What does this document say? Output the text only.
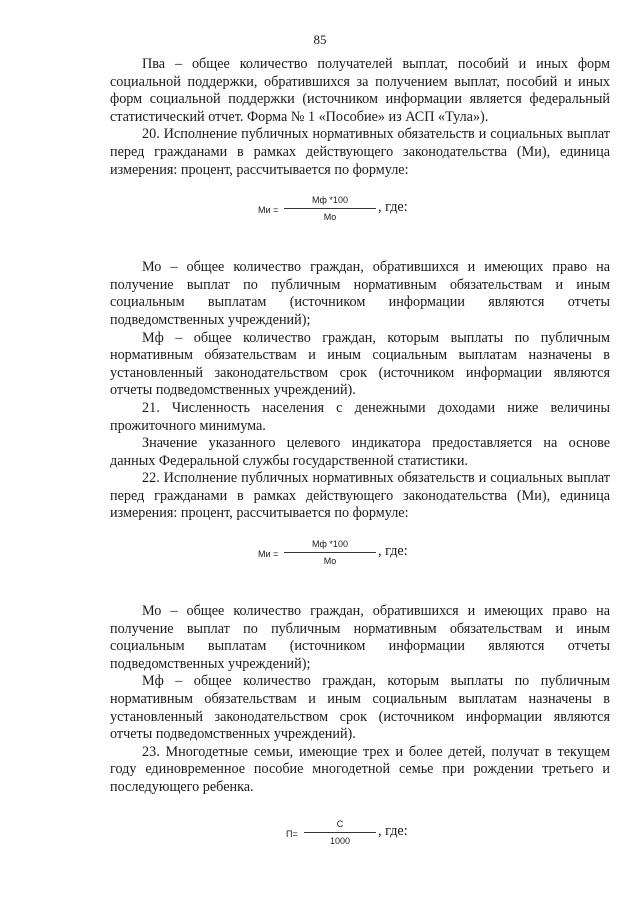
85

Пва – общее количество получателей выплат, пособий и иных форм социальной поддержки, обратившихся за получением выплат, пособий и иных форм социальной поддержки (источником информации является федеральный статистический отчет. Форма № 1 «Пособие» из АСП «Тула»).

20. Исполнение публичных нормативных обязательств и социальных выплат перед гражданами в рамках действующего законодательства (Ми), единица измерения: процент, рассчитывается по формуле:

Ми =
Мф *100
Мо
, где:

Мо – общее количество граждан, обратившихся и имеющих право на получение выплат по публичным нормативным обязательствам и иным социальным выплатам (источником информации являются отчеты подведомственных учреждений);

Мф – общее количество граждан, которым выплаты по публичным нормативным обязательствам и иным социальным выплатам назначены в установленный законодательством срок (источником информации являются отчеты подведомственных учреждений).

21. Численность населения с денежными доходами ниже величины прожиточного минимума.

Значение указанного целевого индикатора предоставляется на основе данных Федеральной службы государственной статистики.

22. Исполнение публичных нормативных обязательств и социальных выплат перед гражданами в рамках действующего законодательства (Ми), единица измерения: процент, рассчитывается по формуле:

Ми =
Мф *100
Мо
, где:

Мо – общее количество граждан, обратившихся и имеющих право на получение выплат по публичным нормативным обязательствам и иным социальным выплатам (источником информации являются отчеты подведомственных учреждений);

Мф – общее количество граждан, которым выплаты по публичным нормативным обязательствам и иным социальным выплатам назначены в установленный законодательством срок (источником информации являются отчеты подведомственных учреждений).

23. Многодетные семьи, имеющие трех и более детей, получат в текущем году единовременное пособие многодетной семье при рождении третьего и последующего ребенка.

П=
С
1000
, где:
